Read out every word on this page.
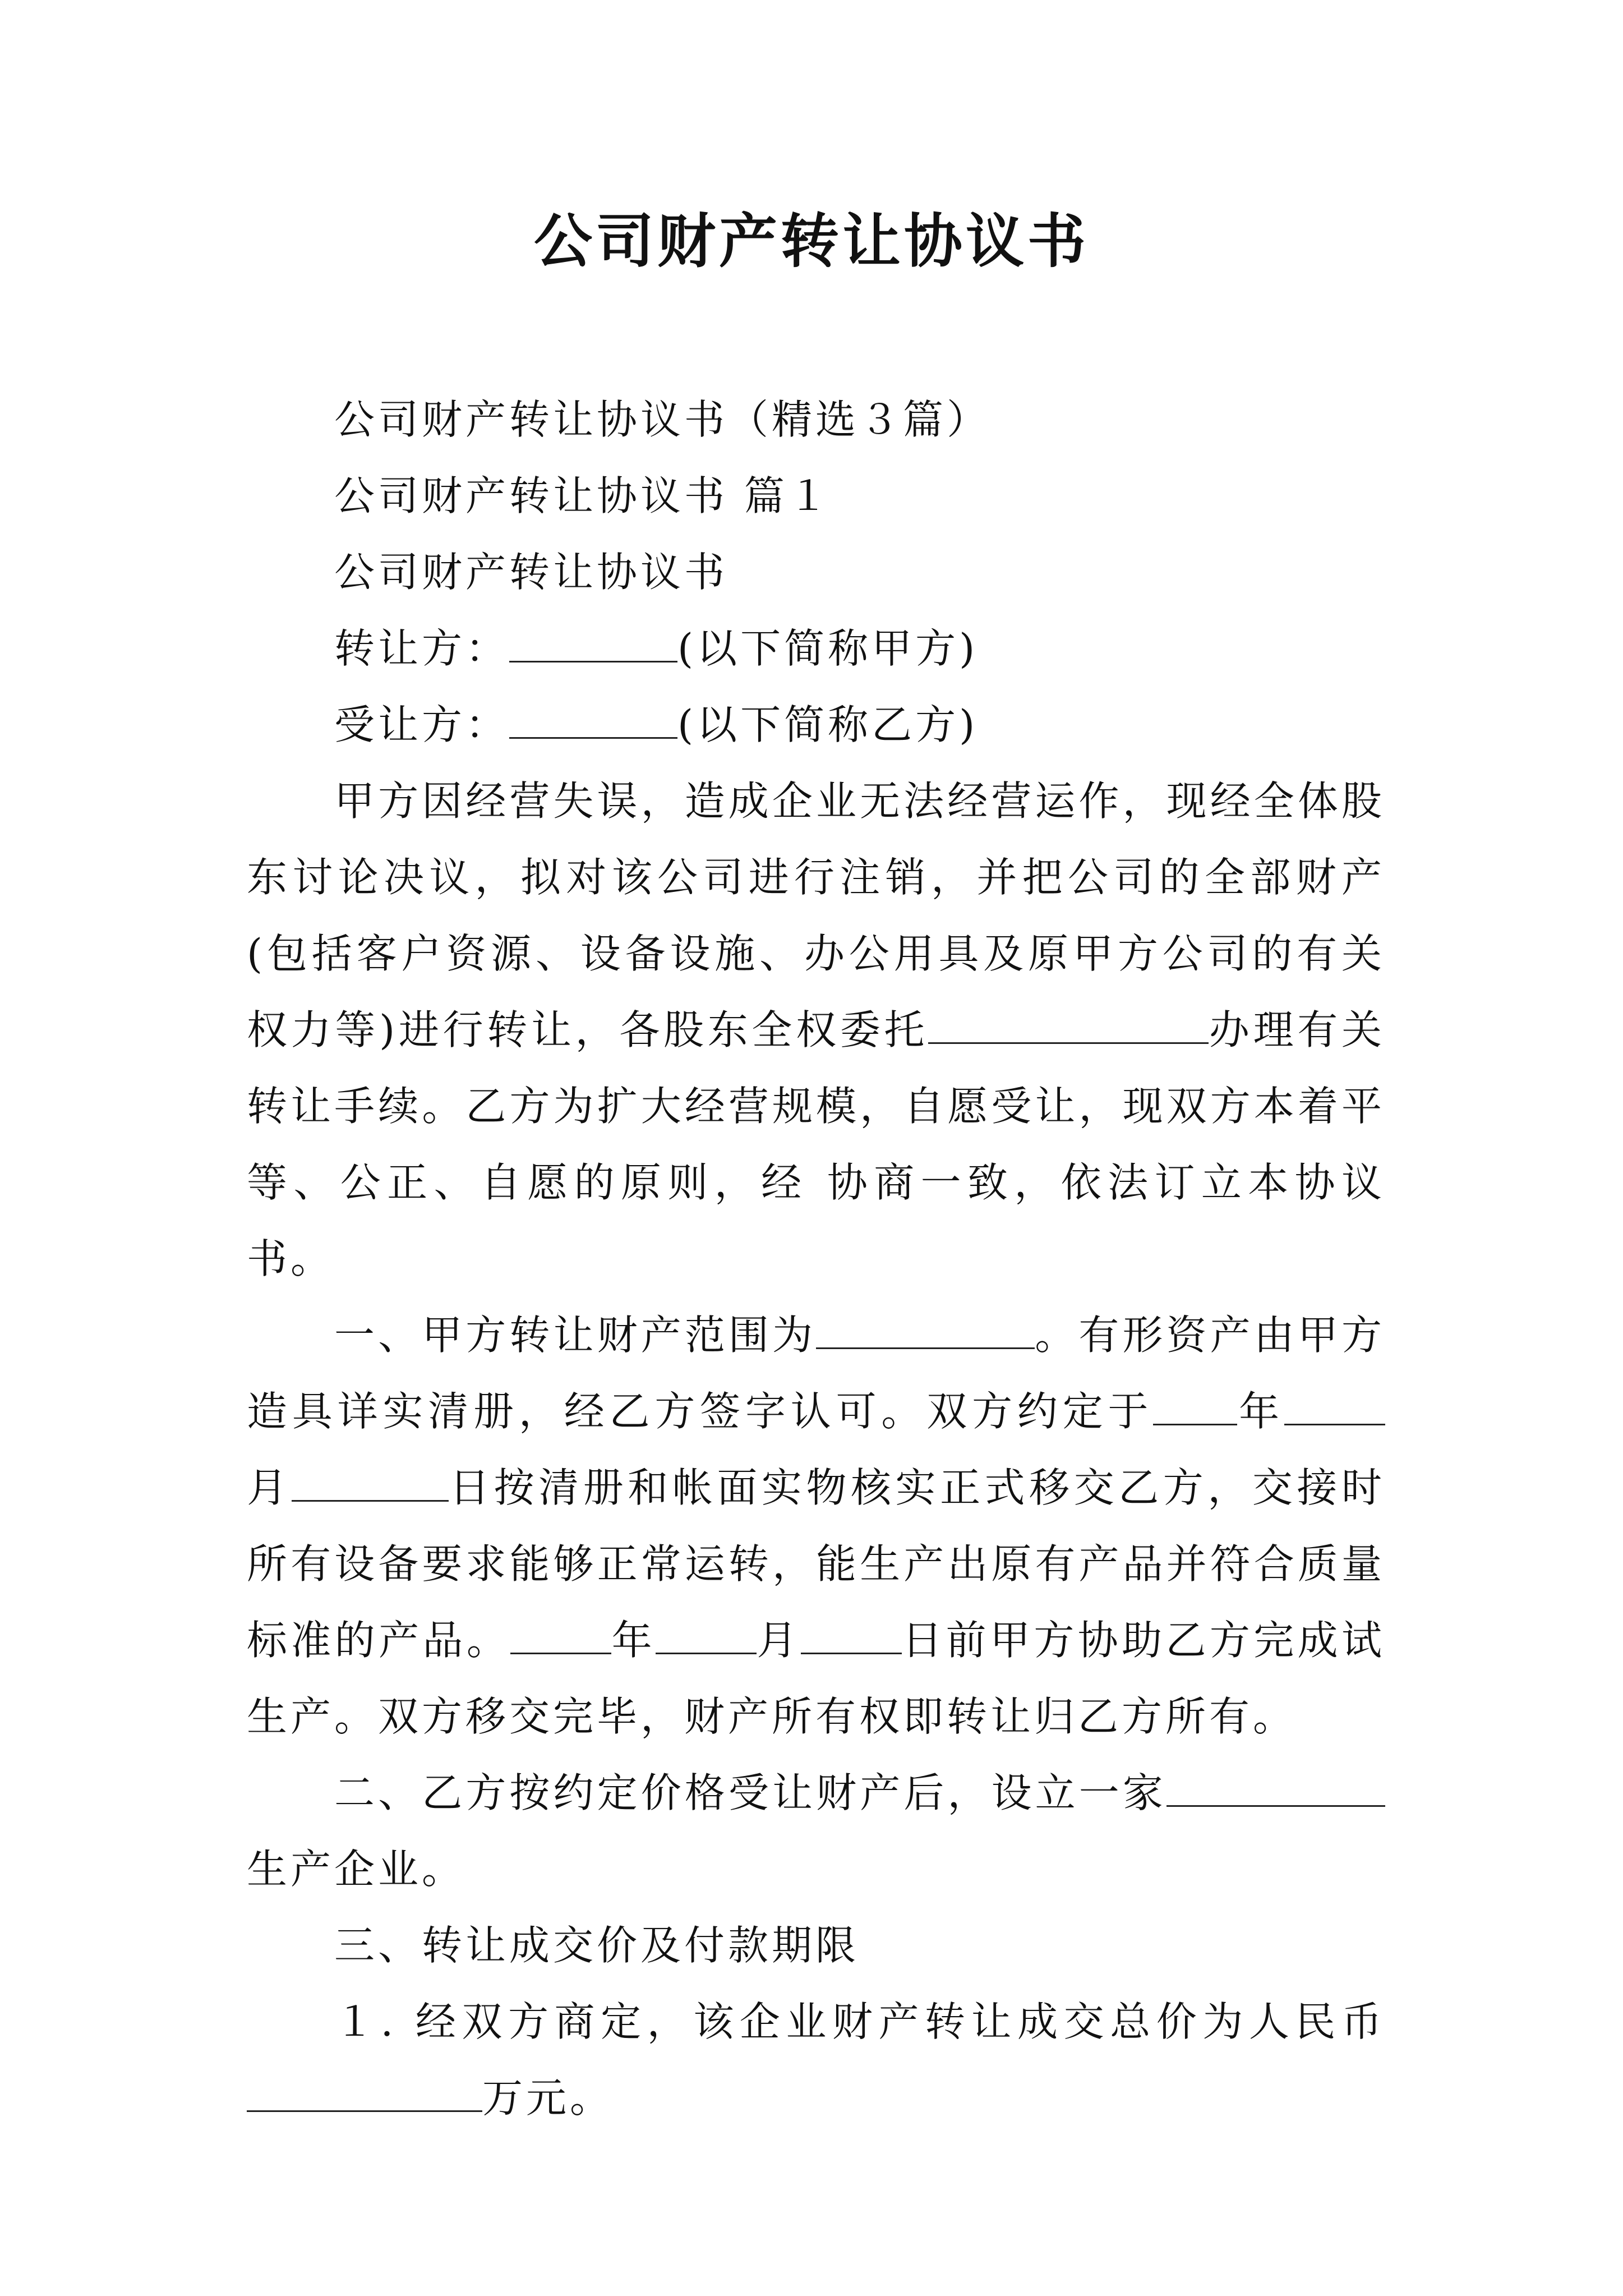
公司财产转让协议书

公司财产转让协议书（精选３篇）

公司财产转让协议书 篇１

公司财产转让协议书

转让方：	(以下简称甲方)

受让方：	(以下简称乙方)

甲方因经营失误，造成企业无法经营运作，现经全体股东讨论决议，拟对该公司进行注销，并把公司的全部财产(包括客户资源、设备设施、办公用具及原甲方公司的有关权力等)进行转让，各股东全权委托	办理有关转让手续。乙方为扩大经营规模，自愿受让，现双方本着平等、公正、自愿的原则，经 协商一致，依法订立本协议书。

一、甲方转让财产范围为	。有形资产由甲方造具详实清册，经乙方签字认可。双方约定于 年月	日按清册和帐面实物核实正式移交乙方，交接时所有设备要求能够正常运转，能生产出原有产品并符合质量标准的产品。	年	月	日前甲方协助乙方完成试生产。双方移交完毕，财产所有权即转让归乙方所有。

二、乙方按约定价格受让财产后，设立一家生产企业。

三、转让成交价及付款期限

１. 经双方商定，该企业财产转让成交总价为人民币万元。
